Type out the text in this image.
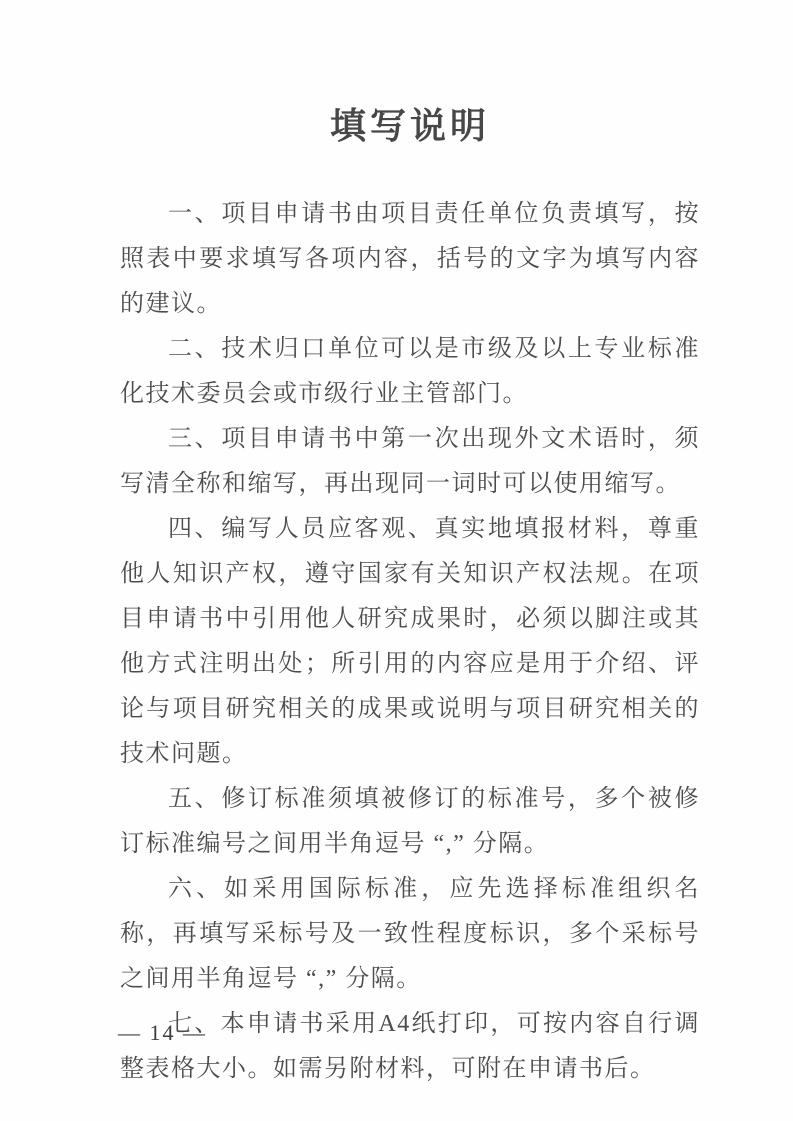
填写说明

一、项目申请书由项目责任单位负责填写，按照表中要求填写各项内容，括号的文字为填写内容的建议。

二、技术归口单位可以是市级及以上专业标准化技术委员会或市级行业主管部门。

三、项目申请书中第一次出现外文术语时，须写清全称和缩写，再出现同一词时可以使用缩写。

四、编写人员应客观、真实地填报材料，尊重他人知识产权，遵守国家有关知识产权法规。在项目申请书中引用他人研究成果时，必须以脚注或其他方式注明出处；所引用的内容应是用于介绍、评论与项目研究相关的成果或说明与项目研究相关的技术问题。

五、修订标准须填被修订的标准号，多个被修订标准编号之间用半角逗号 “,” 分隔。

六、如采用国际标准，应先选择标准组织名称，再填写采标号及一致性程度标识，多个采标号之间用半角逗号 “,” 分隔。

七、本申请书采用A4纸打印，可按内容自行调整表格大小。如需另附材料，可附在申请书后。

— 14 —
